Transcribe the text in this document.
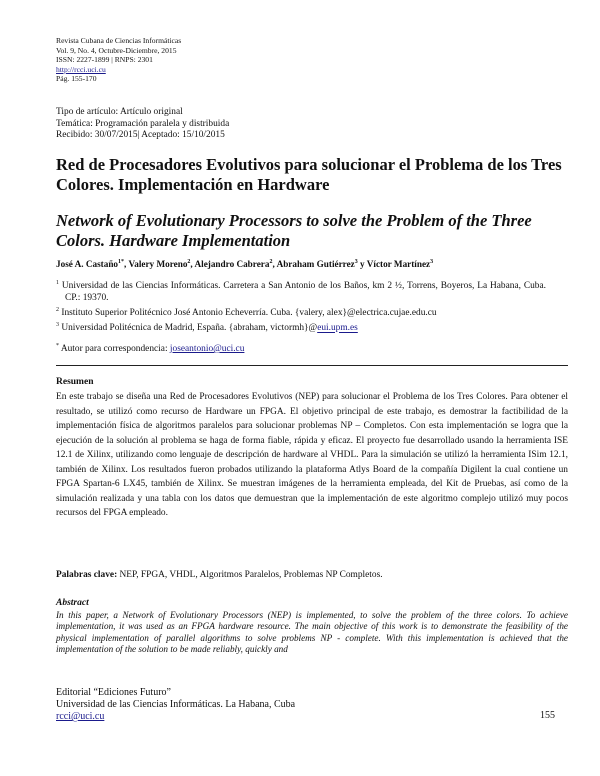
Revista Cubana de Ciencias Informáticas
Vol. 9, No. 4, Octubre-Diciembre, 2015
ISSN: 2227-1899 | RNPS: 2301
http://rcci.uci.cu
Pág. 155-170
Tipo de artículo: Artículo original
Temática: Programación paralela y distribuida
Recibido: 30/07/2015| Aceptado: 15/10/2015
Red de Procesadores Evolutivos para solucionar el Problema de los Tres Colores. Implementación en Hardware
Network of Evolutionary Processors to solve the Problem of the Three Colors. Hardware Implementation
José A. Castaño$^{1*}$, Valery Moreno$^2$, Alejandro Cabrera$^2$, Abraham Gutiérrez$^3$ y Víctor Martínez$^3$
$^1$ Universidad de las Ciencias Informáticas. Carretera a San Antonio de los Baños, km 2 ½, Torrens, Boyeros, La Habana, Cuba. CP.: 19370.
$^2$ Instituto Superior Politécnico José Antonio Echeverría. Cuba. {valery, alex}@electrica.cujae.edu.cu
$^3$ Universidad Politécnica de Madrid, España. {abraham, victormh}@eui.upm.es
* Autor para correspondencia: joseantonio@uci.cu
Resumen
En este trabajo se diseña una Red de Procesadores Evolutivos (NEP) para solucionar el Problema de los Tres Colores. Para obtener el resultado, se utilizó como recurso de Hardware un FPGA. El objetivo principal de este trabajo, es demostrar la factibilidad de la implementación física de algoritmos paralelos para solucionar problemas NP – Completos. Con esta implementación se logra que la ejecución de la solución al problema se haga de forma fiable, rápida y eficaz. El proyecto fue desarrollado usando la herramienta ISE 12.1 de Xilinx, utilizando como lenguaje de descripción de hardware al VHDL. Para la simulación se utilizó la herramienta ISim 12.1, también de Xilinx. Los resultados fueron probados utilizando la plataforma Atlys Board de la compañía Digilent la cual contiene un FPGA Spartan-6 LX45, también de Xilinx. Se muestran imágenes de la herramienta empleada, del Kit de Pruebas, así como de la simulación realizada y una tabla con los datos que demuestran que la implementación de este algoritmo complejo utilizó muy pocos recursos del FPGA empleado.
Palabras clave: NEP, FPGA, VHDL, Algoritmos Paralelos, Problemas NP Completos.
Abstract
In this paper, a Network of Evolutionary Processors (NEP) is implemented, to solve the problem of the three colors. To achieve implementation, it was used as an FPGA hardware resource. The main objective of this work is to demonstrate the feasibility of the physical implementation of parallel algorithms to solve problems NP - complete. With this implementation is achieved that the implementation of the solution to be made reliably, quickly and
Editorial “Ediciones Futuro”
Universidad de las Ciencias Informáticas. La Habana, Cuba
rcci@uci.cu	155
